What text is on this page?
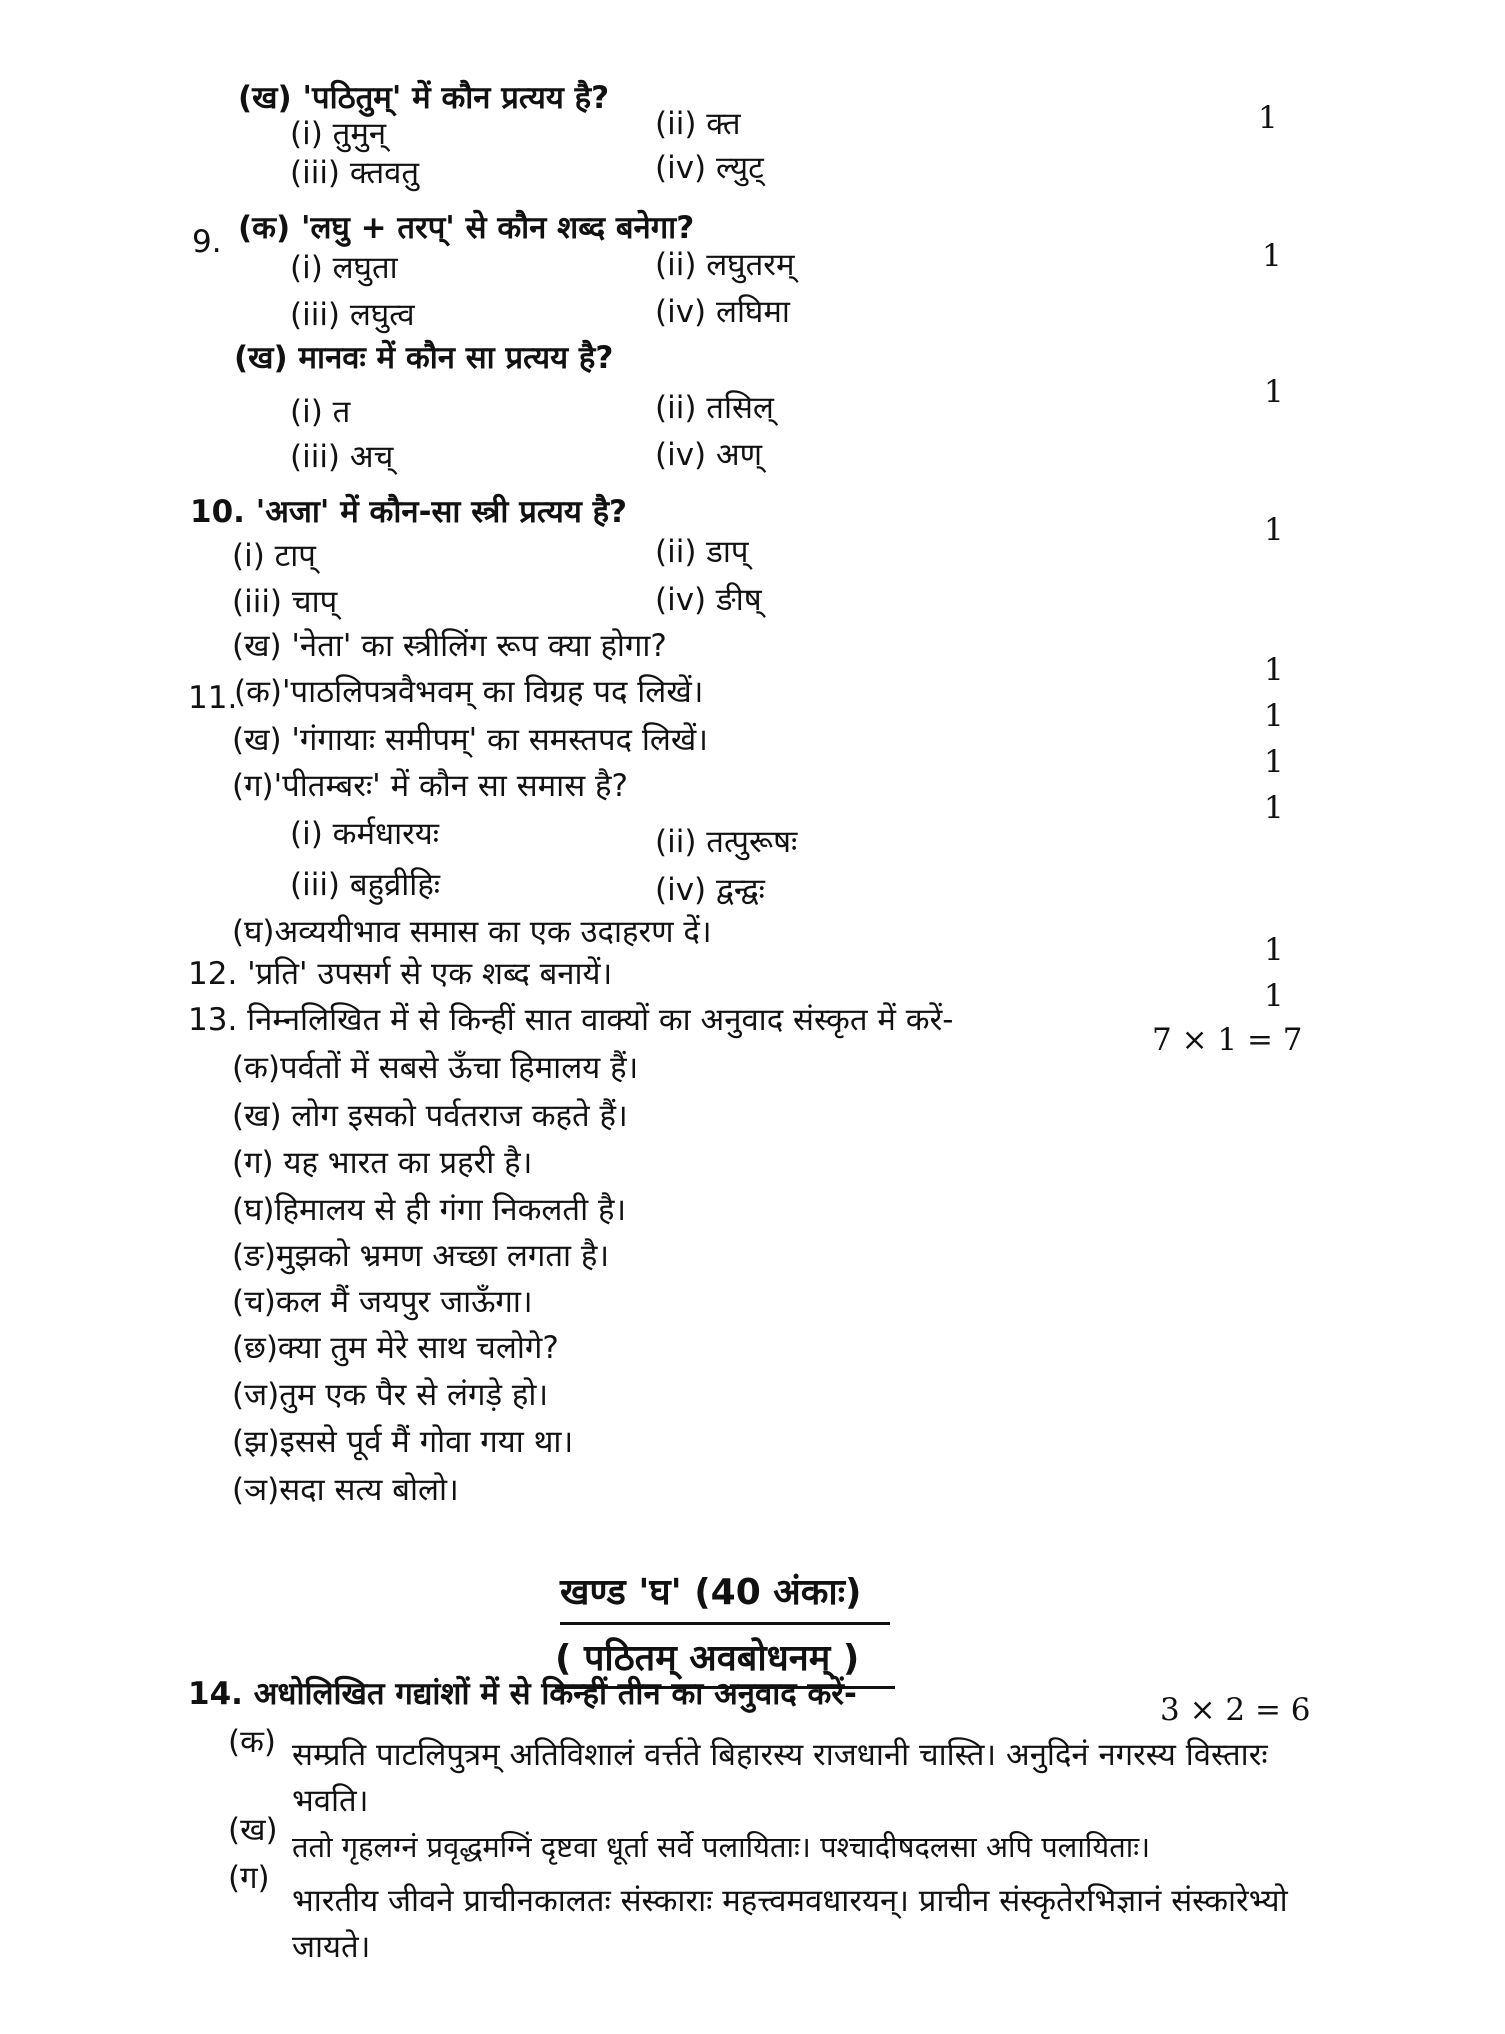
(ख) 'पठितुम्' में कौन प्रत्यय है?
(i) तुमुन्	(ii) क्त
(iii) क्तवतु	(iv) ल्युट्
1
9. (क) 'लघु + तरप्' से कौन शब्द बनेगा?
(i) लघुता	(ii) लघुतरम्
(iii) लघुत्व	(iv) लघिमा
1
(ख) मानवः में कौन सा प्रत्यय है?
(i) त	(ii) तसिल्
(iii) अच्	(iv) अण्
1
10. 'अजा' में कौन-सा स्त्री प्रत्यय है?
(i) टाप्	(ii) डाप्
(iii) चाप्	(iv) ङीष्
1
(ख) 'नेता' का स्त्रीलिंग रूप क्या होगा?
11.
(क)'पाठलिपत्रवैभवम् का विग्रह पद लिखें।
(ख) 'गंगायाः समीपम्' का समस्तपद लिखें।
(ग)'पीतम्बरः' में कौन सा समास है?
(i) कर्मधारयः	(ii) तत्पुरूषः
(iii) बहुव्रीहिः	(iv) द्वन्द्वः
(घ)अव्ययीभाव समास का एक उदाहरण दें।
1
1
1
1
1
12. 'प्रति' उपसर्ग से एक शब्द बनायें।
1
13. निम्नलिखित में से किन्हीं सात वाक्यों का अनुवाद संस्कृत में करें-
7 × 1 = 7
(क)पर्वतों में सबसे ऊँचा हिमालय हैं।
(ख) लोग इसको पर्वतराज कहते हैं।
(ग) यह भारत का प्रहरी है।
(घ)हिमालय से ही गंगा निकलती है।
(ङ)मुझको भ्रमण अच्छा लगता है।
(च)कल मैं जयपुर जाऊँगा।
(छ)क्या तुम मेरे साथ चलोगे?
(ज)तुम एक पैर से लंगड़े हो।
(झ)इससे पूर्व मैं गोवा गया था।
(ञ)सदा सत्य बोलो।
खण्ड 'घ' (40 अंकाः)
( पठितम् अवबोधनम् )
14. अधोलिखित गद्यांशों में से किन्हीं तीन का अनुवाद करें-	3 × 2 = 6
(क) सम्प्रति पाटलिपुत्रम् अतिविशालं वर्त्तते बिहारस्य राजधानी चास्ति। अनुदिनं नगरस्य विस्तारः भवति।
(ख) ततो गृहलग्नं प्रवृद्धमग्निं दृष्टवा धूर्ता सर्वे पलायिताः। पश्चादीषदलसा अपि पलायिताः।
(ग)
भारतीय जीवने प्राचीनकालतः संस्काराः महत्त्वमवधारयन्। प्राचीन संस्कृतेरभिज्ञानं संस्कारेभ्यो जायते।
